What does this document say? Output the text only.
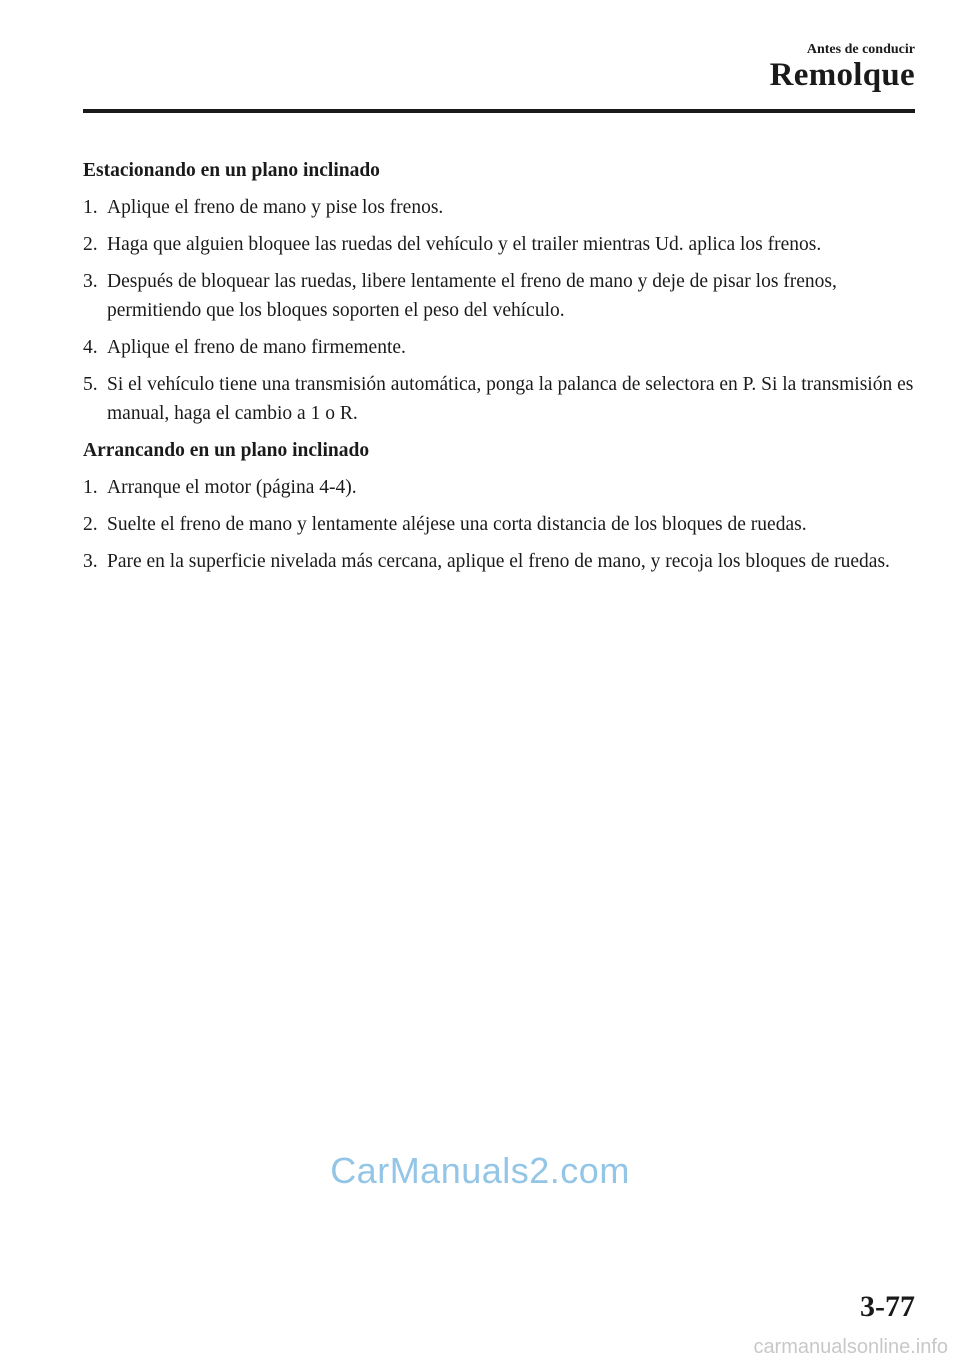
Antes de conducir
Remolque
Estacionando en un plano inclinado
1. Aplique el freno de mano y pise los frenos.
2. Haga que alguien bloquee las ruedas del vehículo y el trailer mientras Ud. aplica los frenos.
3. Después de bloquear las ruedas, libere lentamente el freno de mano y deje de pisar los frenos, permitiendo que los bloques soporten el peso del vehículo.
4. Aplique el freno de mano firmemente.
5. Si el vehículo tiene una transmisión automática, ponga la palanca de selectora en P. Si la transmisión es manual, haga el cambio a 1 o R.
Arrancando en un plano inclinado
1. Arranque el motor (página 4-4).
2. Suelte el freno de mano y lentamente aléjese una corta distancia de los bloques de ruedas.
3. Pare en la superficie nivelada más cercana, aplique el freno de mano, y recoja los bloques de ruedas.
CarManuals2.com
3-77
carmanualsonline.info
